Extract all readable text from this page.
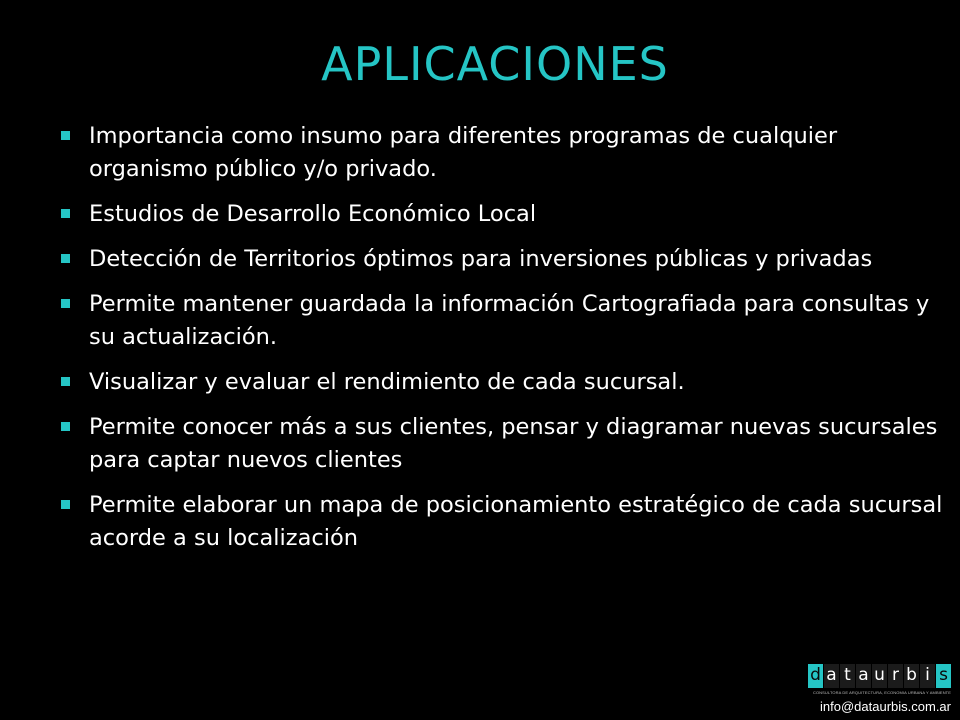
APLICACIONES
Importancia como insumo para diferentes programas de cualquier organismo público y/o privado.
Estudios de Desarrollo Económico Local
Detección de Territorios óptimos para inversiones públicas y privadas
Permite mantener guardada la información Cartografiada para consultas y su actualización.
Visualizar y evaluar el rendimiento de cada sucursal.
Permite conocer más a sus clientes, pensar y diagramar nuevas sucursales para captar nuevos clientes
Permite elaborar un mapa de posicionamiento estratégico de cada sucursal acorde a su localización
d a t a u r b i s
CONSULTORA DE ARQUITECTURA, ECONOMIA URBANA Y AMBIENTE
info@dataurbis.com.ar
